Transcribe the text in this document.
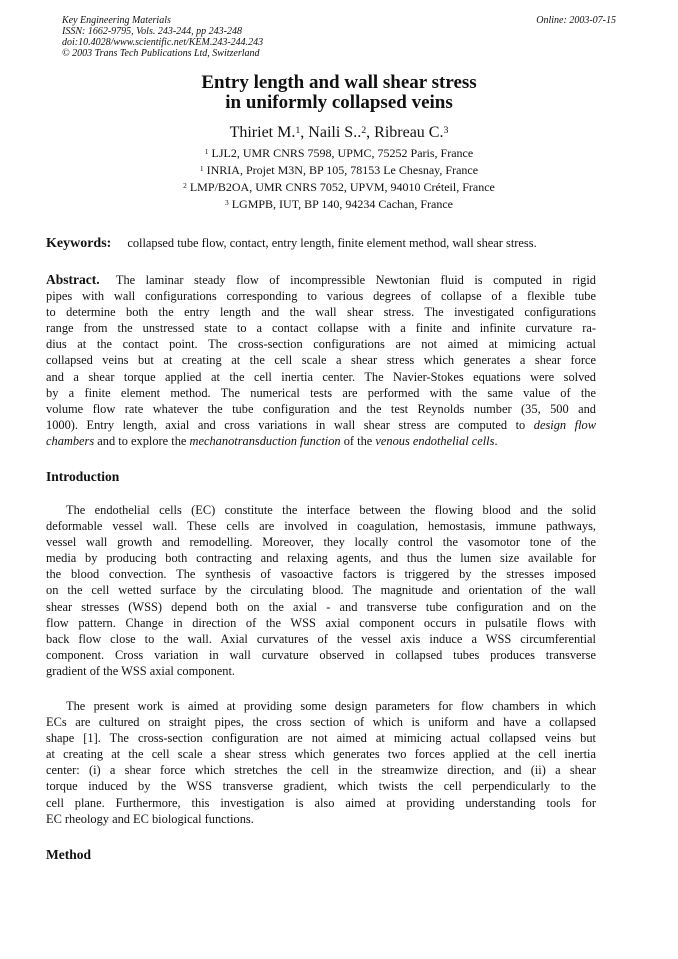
Key Engineering Materials
ISSN: 1662-9795, Vols. 243-244, pp 243-248
doi:10.4028/www.scientific.net/KEM.243-244.243
© 2003 Trans Tech Publications Ltd, Switzerland
Online: 2003-07-15
Entry length and wall shear stress
in uniformly collapsed veins
Thiriet M.$^1$, Naili S..$^2$, Ribreau C.$^3$
$^1$ LJL2, UMR CNRS 7598, UPMC, 75252 Paris, France
$^1$ INRIA, Projet M3N, BP 105, 78153 Le Chesnay, France
$^2$ LMP/B2OA, UMR CNRS 7052, UPVM, 94010 Créteil, France
$^3$ LGMPB, IUT, BP 140, 94234 Cachan, France
Keywords: collapsed tube flow, contact, entry length, finite element method, wall shear stress.
Abstract. The laminar steady flow of incompressible Newtonian fluid is computed in rigid
pipes with wall configurations corresponding to various degrees of collapse of a flexible tube
to determine both the entry length and the wall shear stress. The investigated configurations
range from the unstressed state to a contact collapse with a finite and infinite curvature ra-
dius at the contact point. The cross-section configurations are not aimed at mimicing actual
collapsed veins but at creating at the cell scale a shear stress which generates a shear force
and a shear torque applied at the cell inertia center. The Navier-Stokes equations were solved
by a finite element method. The numerical tests are performed with the same value of the
volume flow rate whatever the tube configuration and the test Reynolds number (35, 500 and
1000). Entry length, axial and cross variations in wall shear stress are computed to design flow
chambers and to explore the mechanotransduction function of the venous endothelial cells.
Introduction
The endothelial cells (EC) constitute the interface between the flowing blood and the solid
deformable vessel wall. These cells are involved in coagulation, hemostasis, immune pathways,
vessel wall growth and remodelling. Moreover, they locally control the vasomotor tone of the
media by producing both contracting and relaxing agents, and thus the lumen size available for
the blood convection. The synthesis of vasoactive factors is triggered by the stresses imposed
on the cell wetted surface by the circulating blood. The magnitude and orientation of the wall
shear stresses (WSS) depend both on the axial - and transverse tube configuration and on the
flow pattern. Change in direction of the WSS axial component occurs in pulsatile flows with
back flow close to the wall. Axial curvatures of the vessel axis induce a WSS circumferential
component. Cross variation in wall curvature observed in collapsed tubes produces transverse
gradient of the WSS axial component.
The present work is aimed at providing some design parameters for flow chambers in which
ECs are cultured on straight pipes, the cross section of which is uniform and have a collapsed
shape [1]. The cross-section configuration are not aimed at mimicing actual collapsed veins but
at creating at the cell scale a shear stress which generates two forces applied at the cell inertia
center: (i) a shear force which stretches the cell in the streamwize direction, and (ii) a shear
torque induced by the WSS transverse gradient, which twists the cell perpendicularly to the
cell plane. Furthermore, this investigation is also aimed at providing understanding tools for
EC rheology and EC biological functions.
Method
